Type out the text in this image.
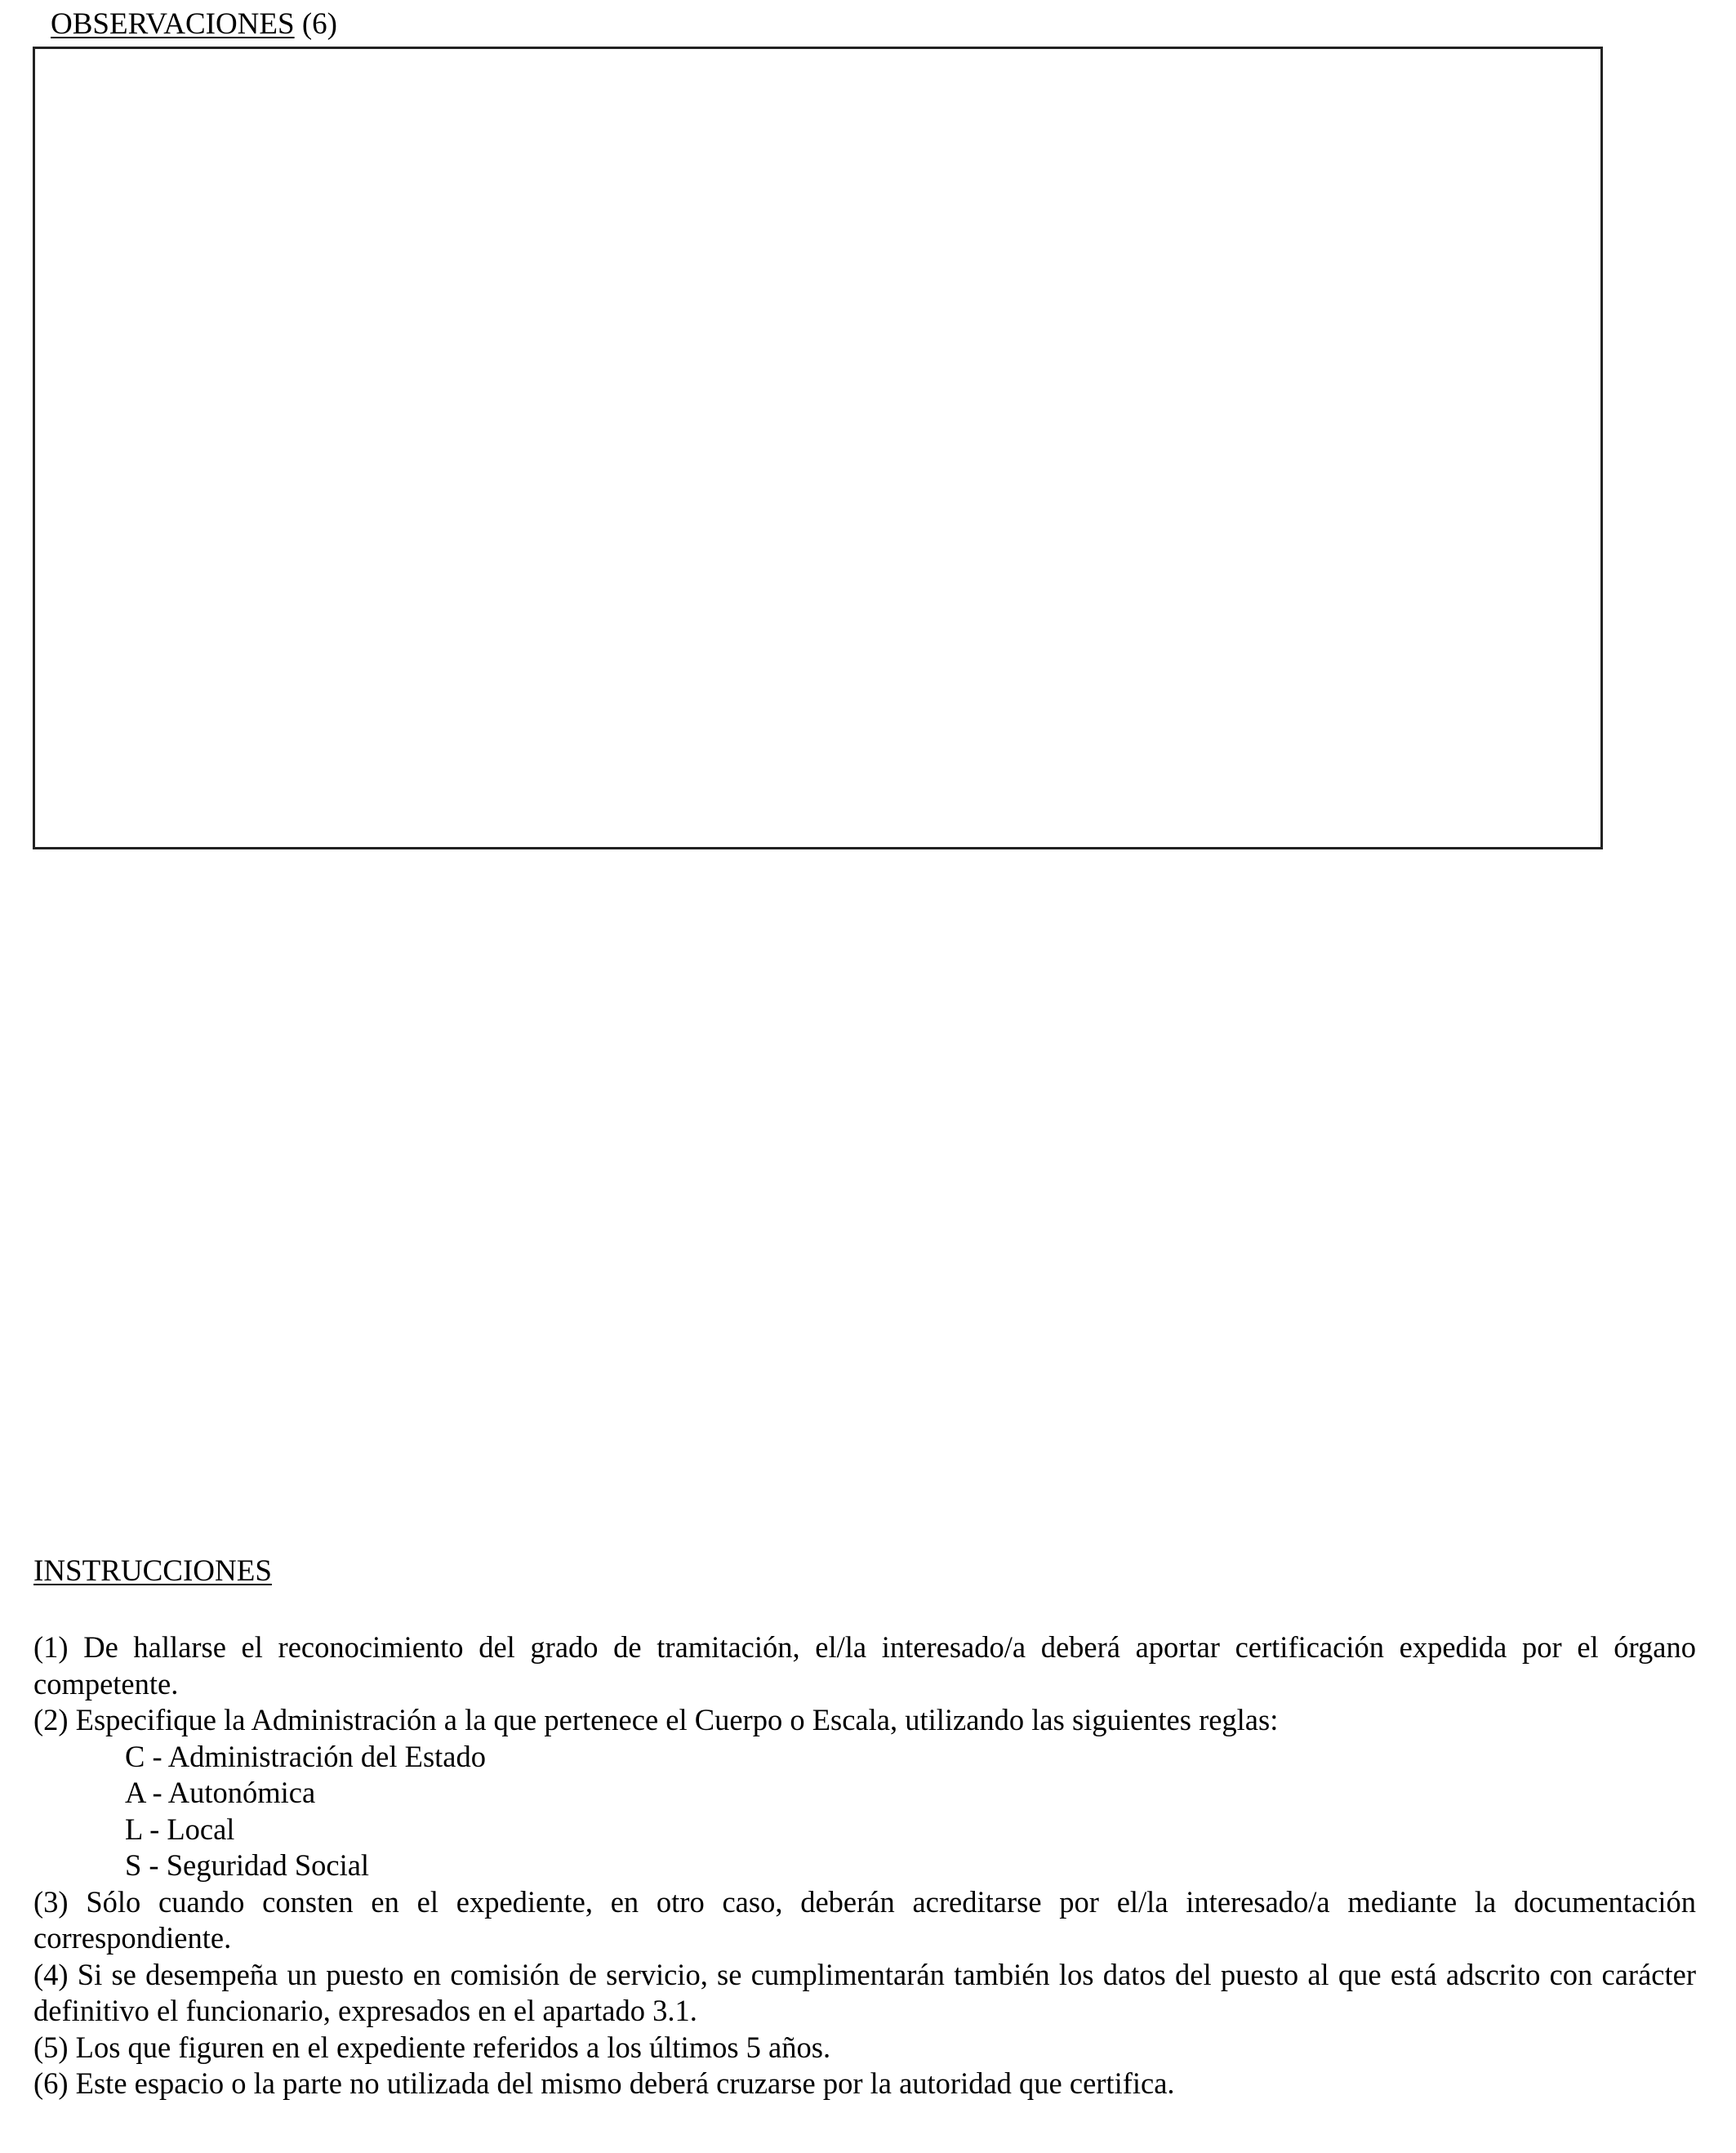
OBSERVACIONES (6)
INSTRUCCIONES

(1) De hallarse el reconocimiento del grado de tramitación, el/la interesado/a deberá aportar certificación expedida por el órgano competente.

(2) Especifique la Administración a la que pertenece el Cuerpo o Escala, utilizando las siguientes reglas:

C - Administración del Estado

A - Autonómica

L - Local

S - Seguridad Social

(3) Sólo cuando consten en el expediente, en otro caso, deberán acreditarse por el/la interesado/a mediante la documentación correspondiente.

(4) Si se desempeña un puesto en comisión de servicio, se cumplimentarán también los datos del puesto al que está adscrito con carácter definitivo el funcionario, expresados en el apartado 3.1.

(5) Los que figuren en el expediente referidos a los últimos 5 años.

(6) Este espacio o la parte no utilizada del mismo deberá cruzarse por la autoridad que certifica.
